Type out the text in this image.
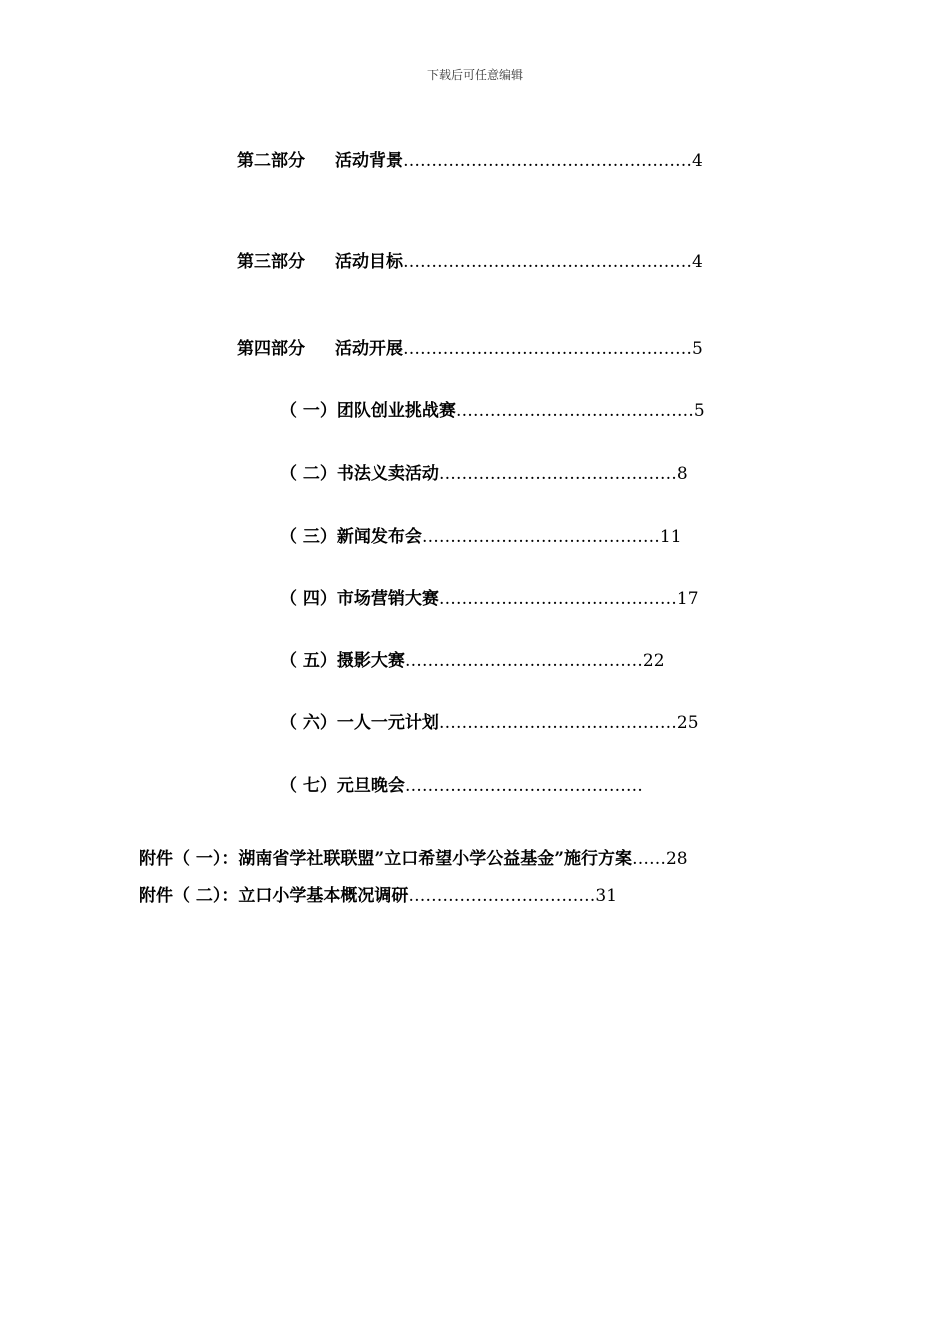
下载后可任意编辑
第二部分 活动背景……………………………………………4
第三部分 活动目标……………………………………………4
第四部分 活动开展……………………………………………5
（ 一）团队创业挑战赛……………………………………5
（ 二）书法义卖活动……………………………………8
（ 三）新闻发布会……………………………………11
（ 四）市场营销大赛……………………………………17
（ 五）摄影大赛……………………………………22
（ 六）一人一元计划……………………………………25
（ 七）元旦晚会……………………………………
附件（ 一）：湖南省学社联联盟”立口希望小学公益基金”施行方案……28
附件（ 二）：立口小学基本概况调研……………………………31
